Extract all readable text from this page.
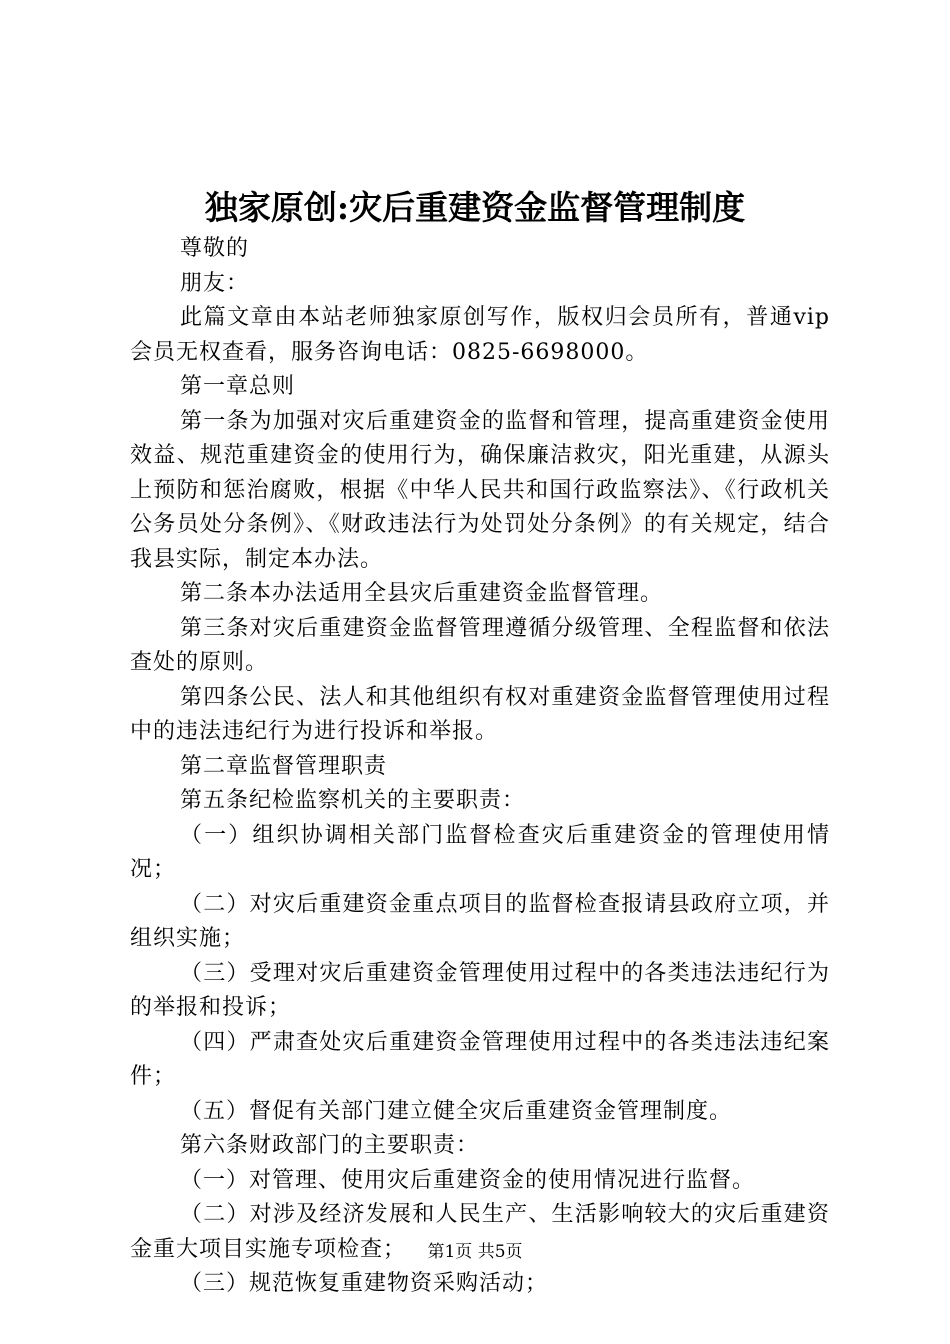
独家原创:灾后重建资金监督管理制度

尊敬的

朋友：

此篇文章由本站老师独家原创写作，版权归会员所有，普通vip会员无权查看，服务咨询电话：0825-6698000。

第一章总则

第一条为加强对灾后重建资金的监督和管理，提高重建资金使用效益、规范重建资金的使用行为，确保廉洁救灾，阳光重建，从源头上预防和惩治腐败，根据《中华人民共和国行政监察法》、《行政机关公务员处分条例》、《财政违法行为处罚处分条例》的有关规定，结合我县实际，制定本办法。

第二条本办法适用全县灾后重建资金监督管理。

第三条对灾后重建资金监督管理遵循分级管理、全程监督和依法查处的原则。

第四条公民、法人和其他组织有权对重建资金监督管理使用过程中的违法违纪行为进行投诉和举报。

第二章监督管理职责

第五条纪检监察机关的主要职责：

（一）组织协调相关部门监督检查灾后重建资金的管理使用情况；

（二）对灾后重建资金重点项目的监督检查报请县政府立项，并组织实施；

（三）受理对灾后重建资金管理使用过程中的各类违法违纪行为的举报和投诉；

（四）严肃查处灾后重建资金管理使用过程中的各类违法违纪案件；

（五）督促有关部门建立健全灾后重建资金管理制度。

第六条财政部门的主要职责：

（一）对管理、使用灾后重建资金的使用情况进行监督。

（二）对涉及经济发展和人民生产、生活影响较大的灾后重建资金重大项目实施专项检查；

（三）规范恢复重建物资采购活动；

第1页 共5页
